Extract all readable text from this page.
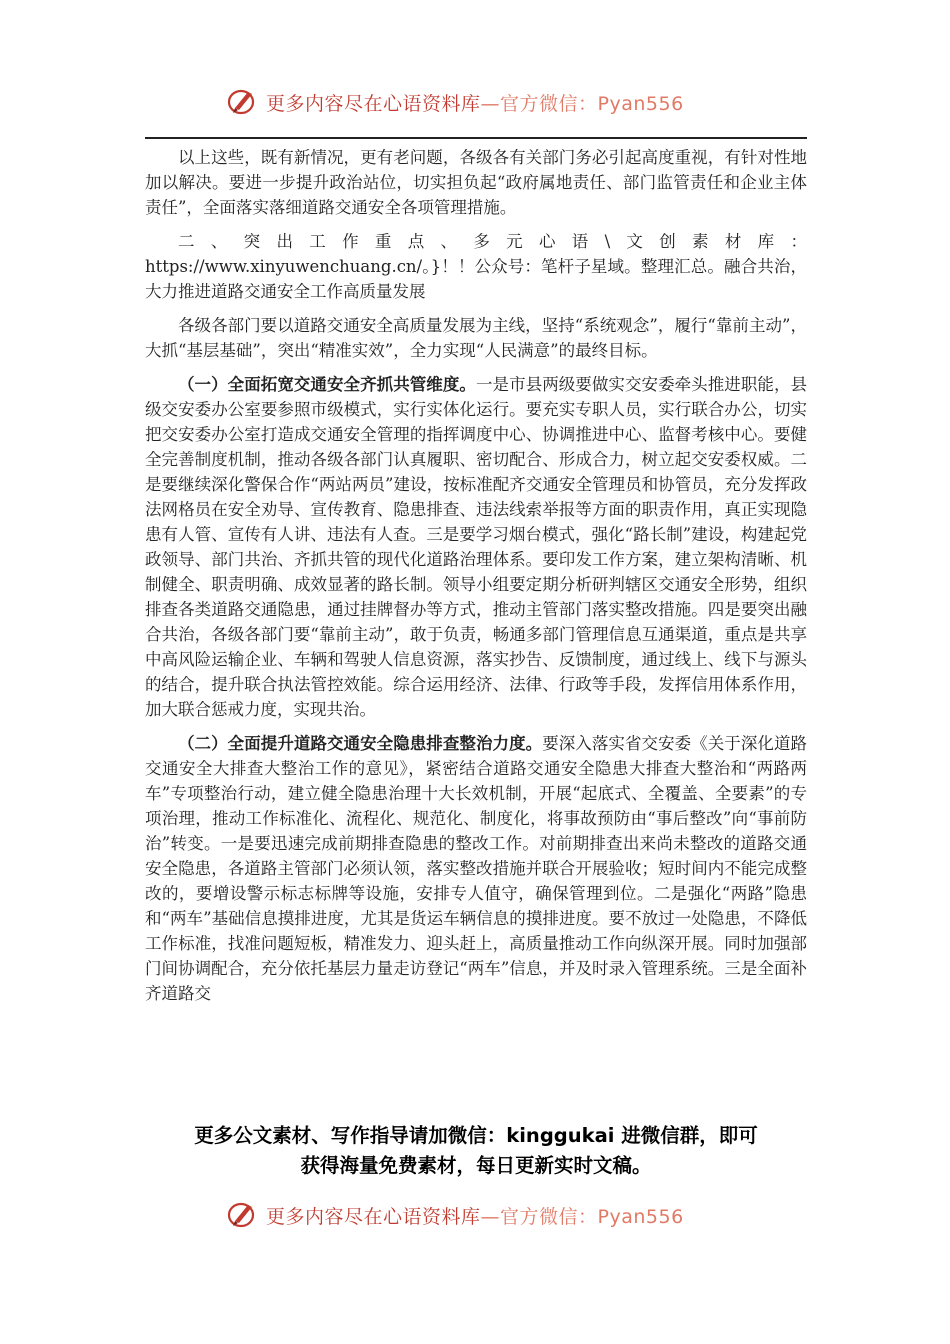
更多内容尽在心语资料库—官方微信：Pyan556

以上这些，既有新情况，更有老问题，各级各有关部门务必引起高度重视，有针对性地加以解决。要进一步提升政治站位，切实担负起“政府属地责任、部门监管责任和企业主体责任”，全面落实落细道路交通安全各项管理措施。

二、突出工作重点、多元心语\文创素材库：https://www.xinyuwenchuang.cn/。}！！公众号：笔杆子星域。整理汇总。融合共治，大力推进道路交通安全工作高质量发展

各级各部门要以道路交通安全高质量发展为主线，坚持“系统观念”，履行“靠前主动”，大抓“基层基础”，突出“精准实效”，全力实现“人民满意”的最终目标。

（一）全面拓宽交通安全齐抓共管维度。一是市县两级要做实交安委牵头推进职能，县级交安委办公室要参照市级模式，实行实体化运行。要充实专职人员，实行联合办公，切实把交安委办公室打造成交通安全管理的指挥调度中心、协调推进中心、监督考核中心。要健全完善制度机制，推动各级各部门认真履职、密切配合、形成合力，树立起交安委权威。二是要继续深化警保合作“两站两员”建设，按标准配齐交通安全管理员和协管员，充分发挥政法网格员在安全劝导、宣传教育、隐患排查、违法线索举报等方面的职责作用，真正实现隐患有人管、宣传有人讲、违法有人查。三是要学习烟台模式，强化“路长制”建设，构建起党政领导、部门共治、齐抓共管的现代化道路治理体系。要印发工作方案，建立架构清晰、机制健全、职责明确、成效显著的路长制。领导小组要定期分析研判辖区交通安全形势，组织排查各类道路交通隐患，通过挂牌督办等方式，推动主管部门落实整改措施。四是要突出融合共治，各级各部门要“靠前主动”，敢于负责，畅通多部门管理信息互通渠道，重点是共享中高风险运输企业、车辆和驾驶人信息资源，落实抄告、反馈制度，通过线上、线下与源头的结合，提升联合执法管控效能。综合运用经济、法律、行政等手段，发挥信用体系作用，加大联合惩戒力度，实现共治。

（二）全面提升道路交通安全隐患排查整治力度。要深入落实省交安委《关于深化道路交通安全大排查大整治工作的意见》，紧密结合道路交通安全隐患大排查大整治和“两路两车”专项整治行动，建立健全隐患治理十大长效机制，开展“起底式、全覆盖、全要素”的专项治理，推动工作标准化、流程化、规范化、制度化，将事故预防由“事后整改”向“事前防治”转变。一是要迅速完成前期排查隐患的整改工作。对前期排查出来尚未整改的道路交通安全隐患，各道路主管部门必须认领，落实整改措施并联合开展验收；短时间内不能完成整改的，要增设警示标志标牌等设施，安排专人值守，确保管理到位。二是强化“两路”隐患和“两车”基础信息摸排进度，尤其是货运车辆信息的摸排进度。要不放过一处隐患，不降低工作标准，找准问题短板，精准发力、迎头赶上，高质量推动工作向纵深开展。同时加强部门间协调配合，充分依托基层力量走访登记“两车”信息，并及时录入管理系统。三是全面补齐道路交

更多公文素材、写作指导请加微信：kinggukai 进微信群，即可
获得海量免费素材，每日更新实时文稿。
更多内容尽在心语资料库—官方微信：Pyan556
